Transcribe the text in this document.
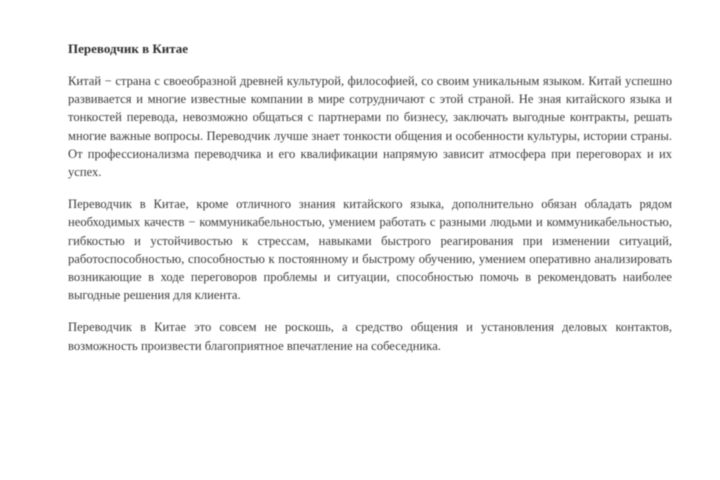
Переводчик в Китае

Китай − страна с своеобразной древней культурой, философией, со своим уникальным языком. Китай успешно развивается и многие известные компании в мире сотрудничают с этой страной. Не зная китайского языка и тонкостей перевода, невозможно общаться с партнерами по бизнесу, заключать выгодные контракты, решать многие важные вопросы. Переводчик лучше знает тонкости общения и особенности культуры, истории страны. От профессионализма переводчика и его квалификации напрямую зависит атмосфера при переговорах и их успех.

Переводчик в Китае, кроме отличного знания китайского языка, дополнительно обязан обладать рядом необходимых качеств − коммуникабельностью, умением работать с разными людьми и коммуникабельностью, гибкостью и устойчивостью к стрессам, навыками быстрого реагирования при изменении ситуаций, работоспособностью, способностью к постоянному и быстрому обучению, умением оперативно анализировать возникающие в ходе переговоров проблемы и ситуации, способностью помочь в рекомендовать наиболее выгодные решения для клиента.

Переводчик в Китае это совсем не роскошь, а средство общения и установления деловых контактов, возможность произвести благоприятное впечатление на собеседника.
